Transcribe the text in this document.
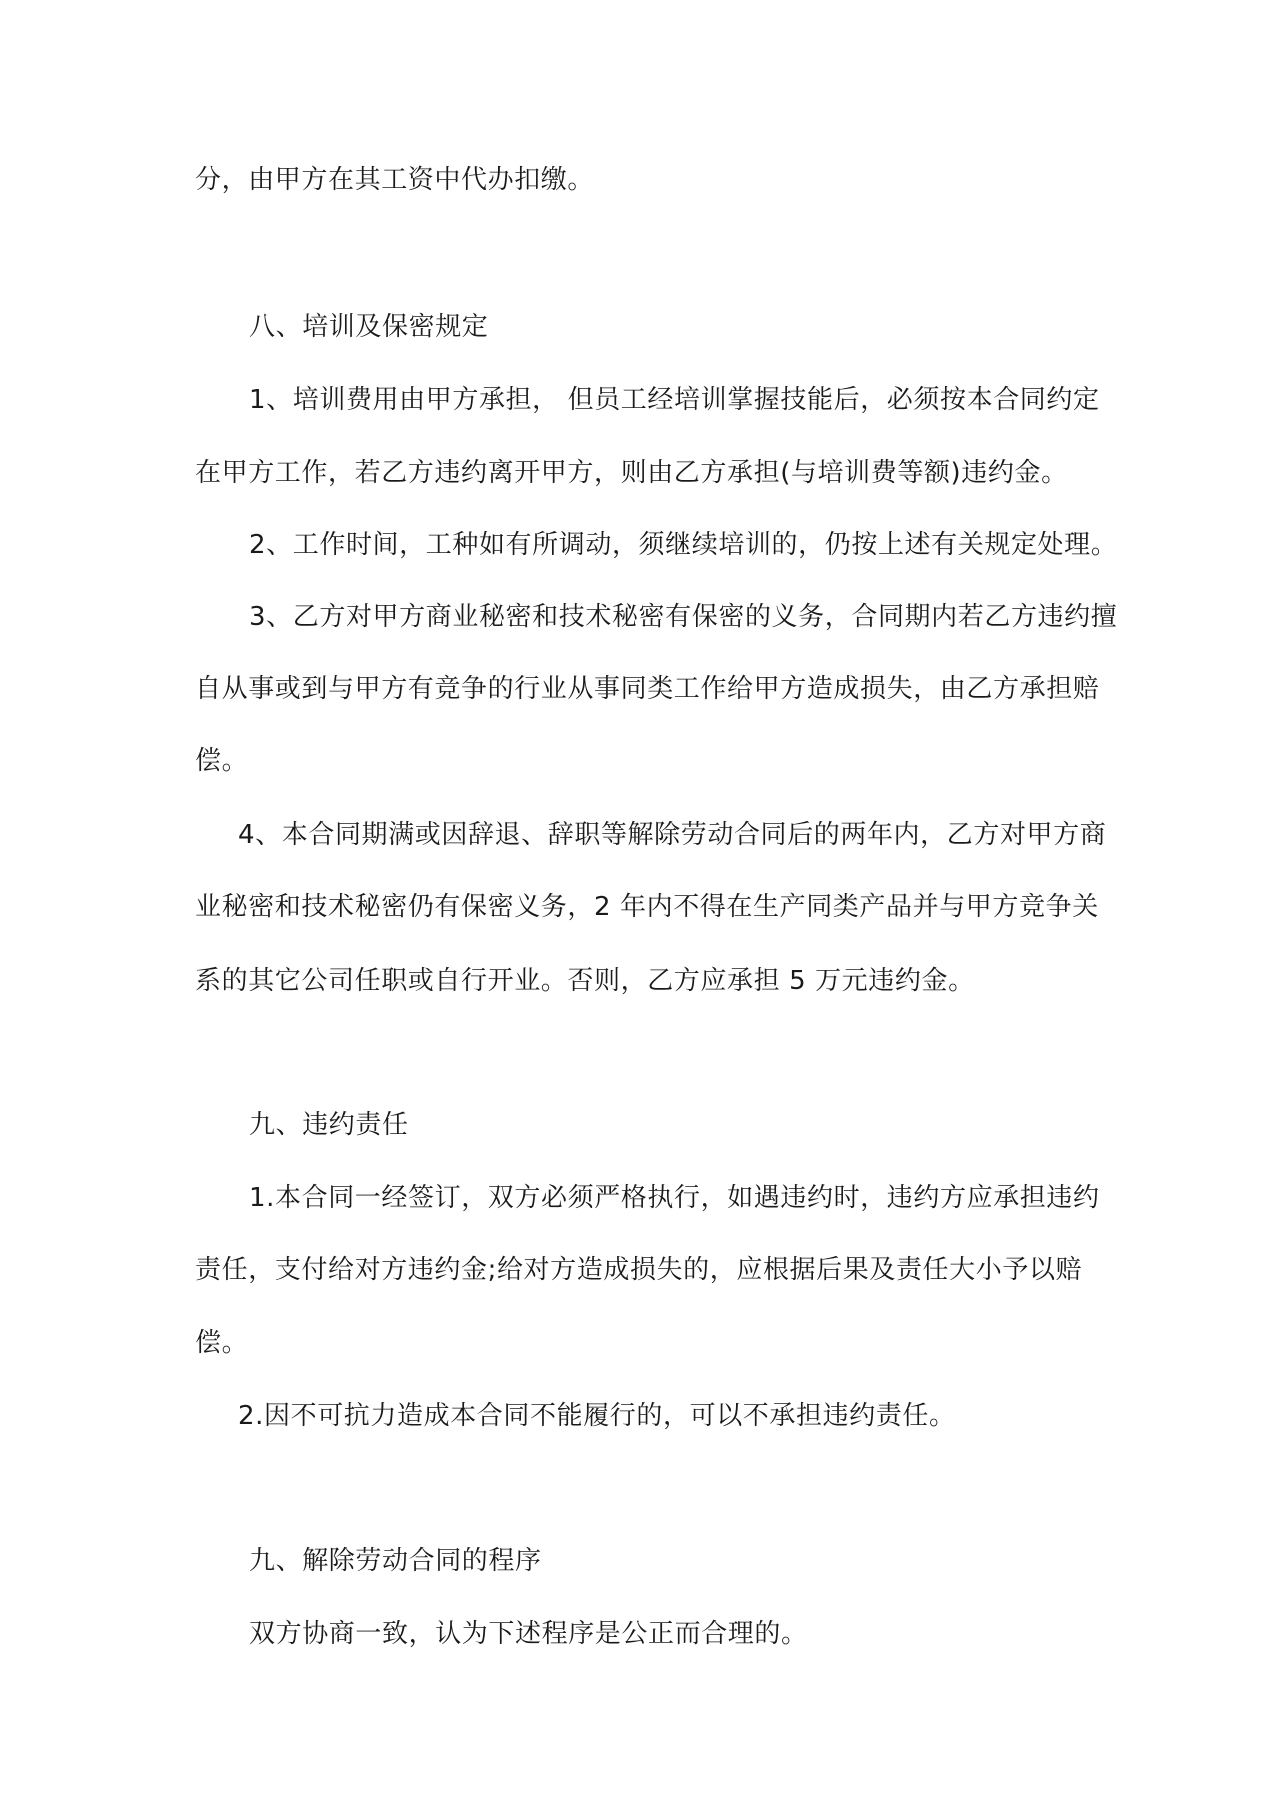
分，由甲方在其工资中代办扣缴。
八、培训及保密规定
1、培训费用由甲方承担， 但员工经培训掌握技能后，必须按本合同约定
在甲方工作，若乙方违约离开甲方，则由乙方承担(与培训费等额)违约金。
2、工作时间，工种如有所调动，须继续培训的，仍按上述有关规定处理。
3、乙方对甲方商业秘密和技术秘密有保密的义务，合同期内若乙方违约擅
自从事或到与甲方有竞争的行业从事同类工作给甲方造成损失，由乙方承担赔
偿。
4、本合同期满或因辞退、辞职等解除劳动合同后的两年内，乙方对甲方商
业秘密和技术秘密仍有保密义务，2 年内不得在生产同类产品并与甲方竞争关
系的其它公司任职或自行开业。否则，乙方应承担 5 万元违约金。
九、违约责任
1.本合同一经签订，双方必须严格执行，如遇违约时，违约方应承担违约
责任，支付给对方违约金;给对方造成损失的，应根据后果及责任大小予以赔
偿。
2.因不可抗力造成本合同不能履行的，可以不承担违约责任。
九、解除劳动合同的程序
双方协商一致，认为下述程序是公正而合理的。
